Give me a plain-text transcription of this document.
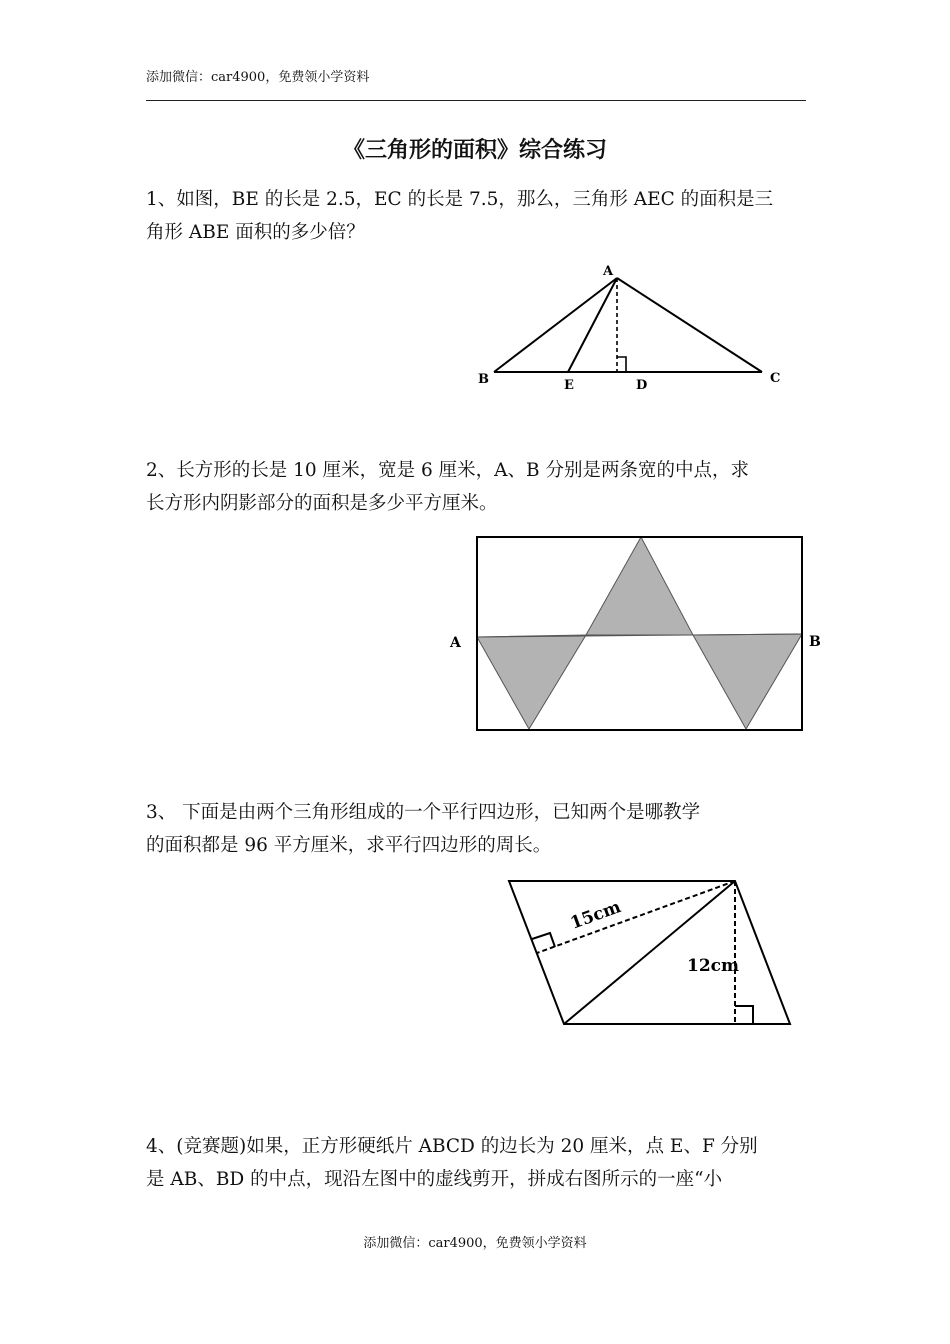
添加微信：car4900，免费领小学资料
《三角形的面积》综合练习
1、如图，BE 的长是 2.5，EC 的长是 7.5，那么，三角形 AEC 的面积是三
角形 ABE 面积的多少倍？
A
B	E	D	C
2、长方形的长是 10 厘米，宽是 6 厘米，A、B 分别是两条宽的中点，求
长方形内阴影部分的面积是多少平方厘米。
A	B
3、 下面是由两个三角形组成的一个平行四边形，已知两个是哪教学
的面积都是 96 平方厘米，求平行四边形的周长。
15cm
12cm
4、(竞赛题)如果，正方形硬纸片 ABCD 的边长为 20 厘米，点 E、F 分别
是 AB、BD 的中点，现沿左图中的虚线剪开，拼成右图所示的一座“小
添加微信：car4900，免费领小学资料
